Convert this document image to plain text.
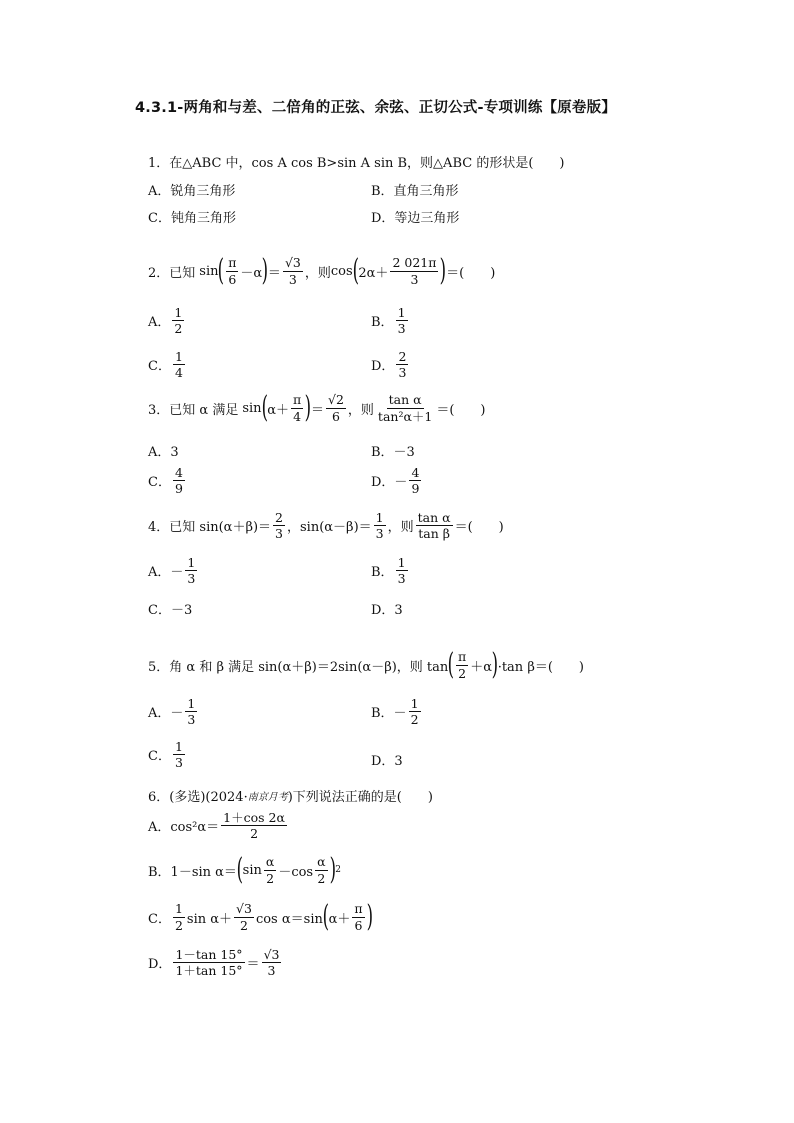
4.3.1-两角和与差、二倍角的正弦、余弦、正切公式-专项训练【原卷版】
1．在△ABC 中，cos A cos B>sin A sin B，则△ABC 的形状是(　　)
A．锐角三角形	B．直角三角形
C．钝角三角形	D．等边三角形
2．已知 sin ( $\frac{\pi}{6} -\alpha$ ) ＝ $\frac{√3}{3}$ ，则 cos ( $2\alpha+ \frac{2 021\pi}{3}$ ) ＝(　　)
A． $\frac{1}{2}$	B． $\frac{1}{3}$
C． $\frac{1}{4}$	D． $\frac{2}{3}$
3．已知 α 满足 sin ( $\alpha+ \frac{\pi}{4}$ ) ＝ $\frac{√2}{6}$ ，则 $\frac{\text{tan α}}{\text{tan²α＋1}}$ ＝(　　)
A．3	B．－3
C． $\frac{4}{9}$	D．－ $\frac{4}{9}$
4．已知 $\sin(\alpha+\beta)= \frac{2}{3}$ ，$\sin(\alpha-\beta)= \frac{1}{3}$ ，则 $\frac{\text{tan α}}{\text{tan β}}$ ＝(　　)
A．－ $\frac{1}{3}$	B． $\frac{1}{3}$
C．－3	D．3
5．角 α 和 β 满足 sin(α＋β)＝2sin(α－β)，则 tan ( $\frac{\pi}{2} +\alpha$ ) ·tan β＝(　　)
A．－ $\frac{1}{3}$	B．－ $\frac{1}{2}$
C． $\frac{1}{3}$	D．3
6．(多选)(2024· 南京月考 )下列说法正确的是(　　)
A．$\cos^2\alpha= \frac{1+\cos 2\alpha}{2}$
B．1－sin α＝ ( $\sin \frac{\alpha}{2} -\cos \frac{\alpha}{2}$ ) 2
C． $\frac{1}{2}$ $\sin \alpha+ \frac{√3}{2}$ cos α＝sin ( $\alpha+ \frac{\pi}{6}$ )
D． $\frac{1-\tan 15^\circ}{1+\tan 15^\circ} = \frac{√3}{3}$
